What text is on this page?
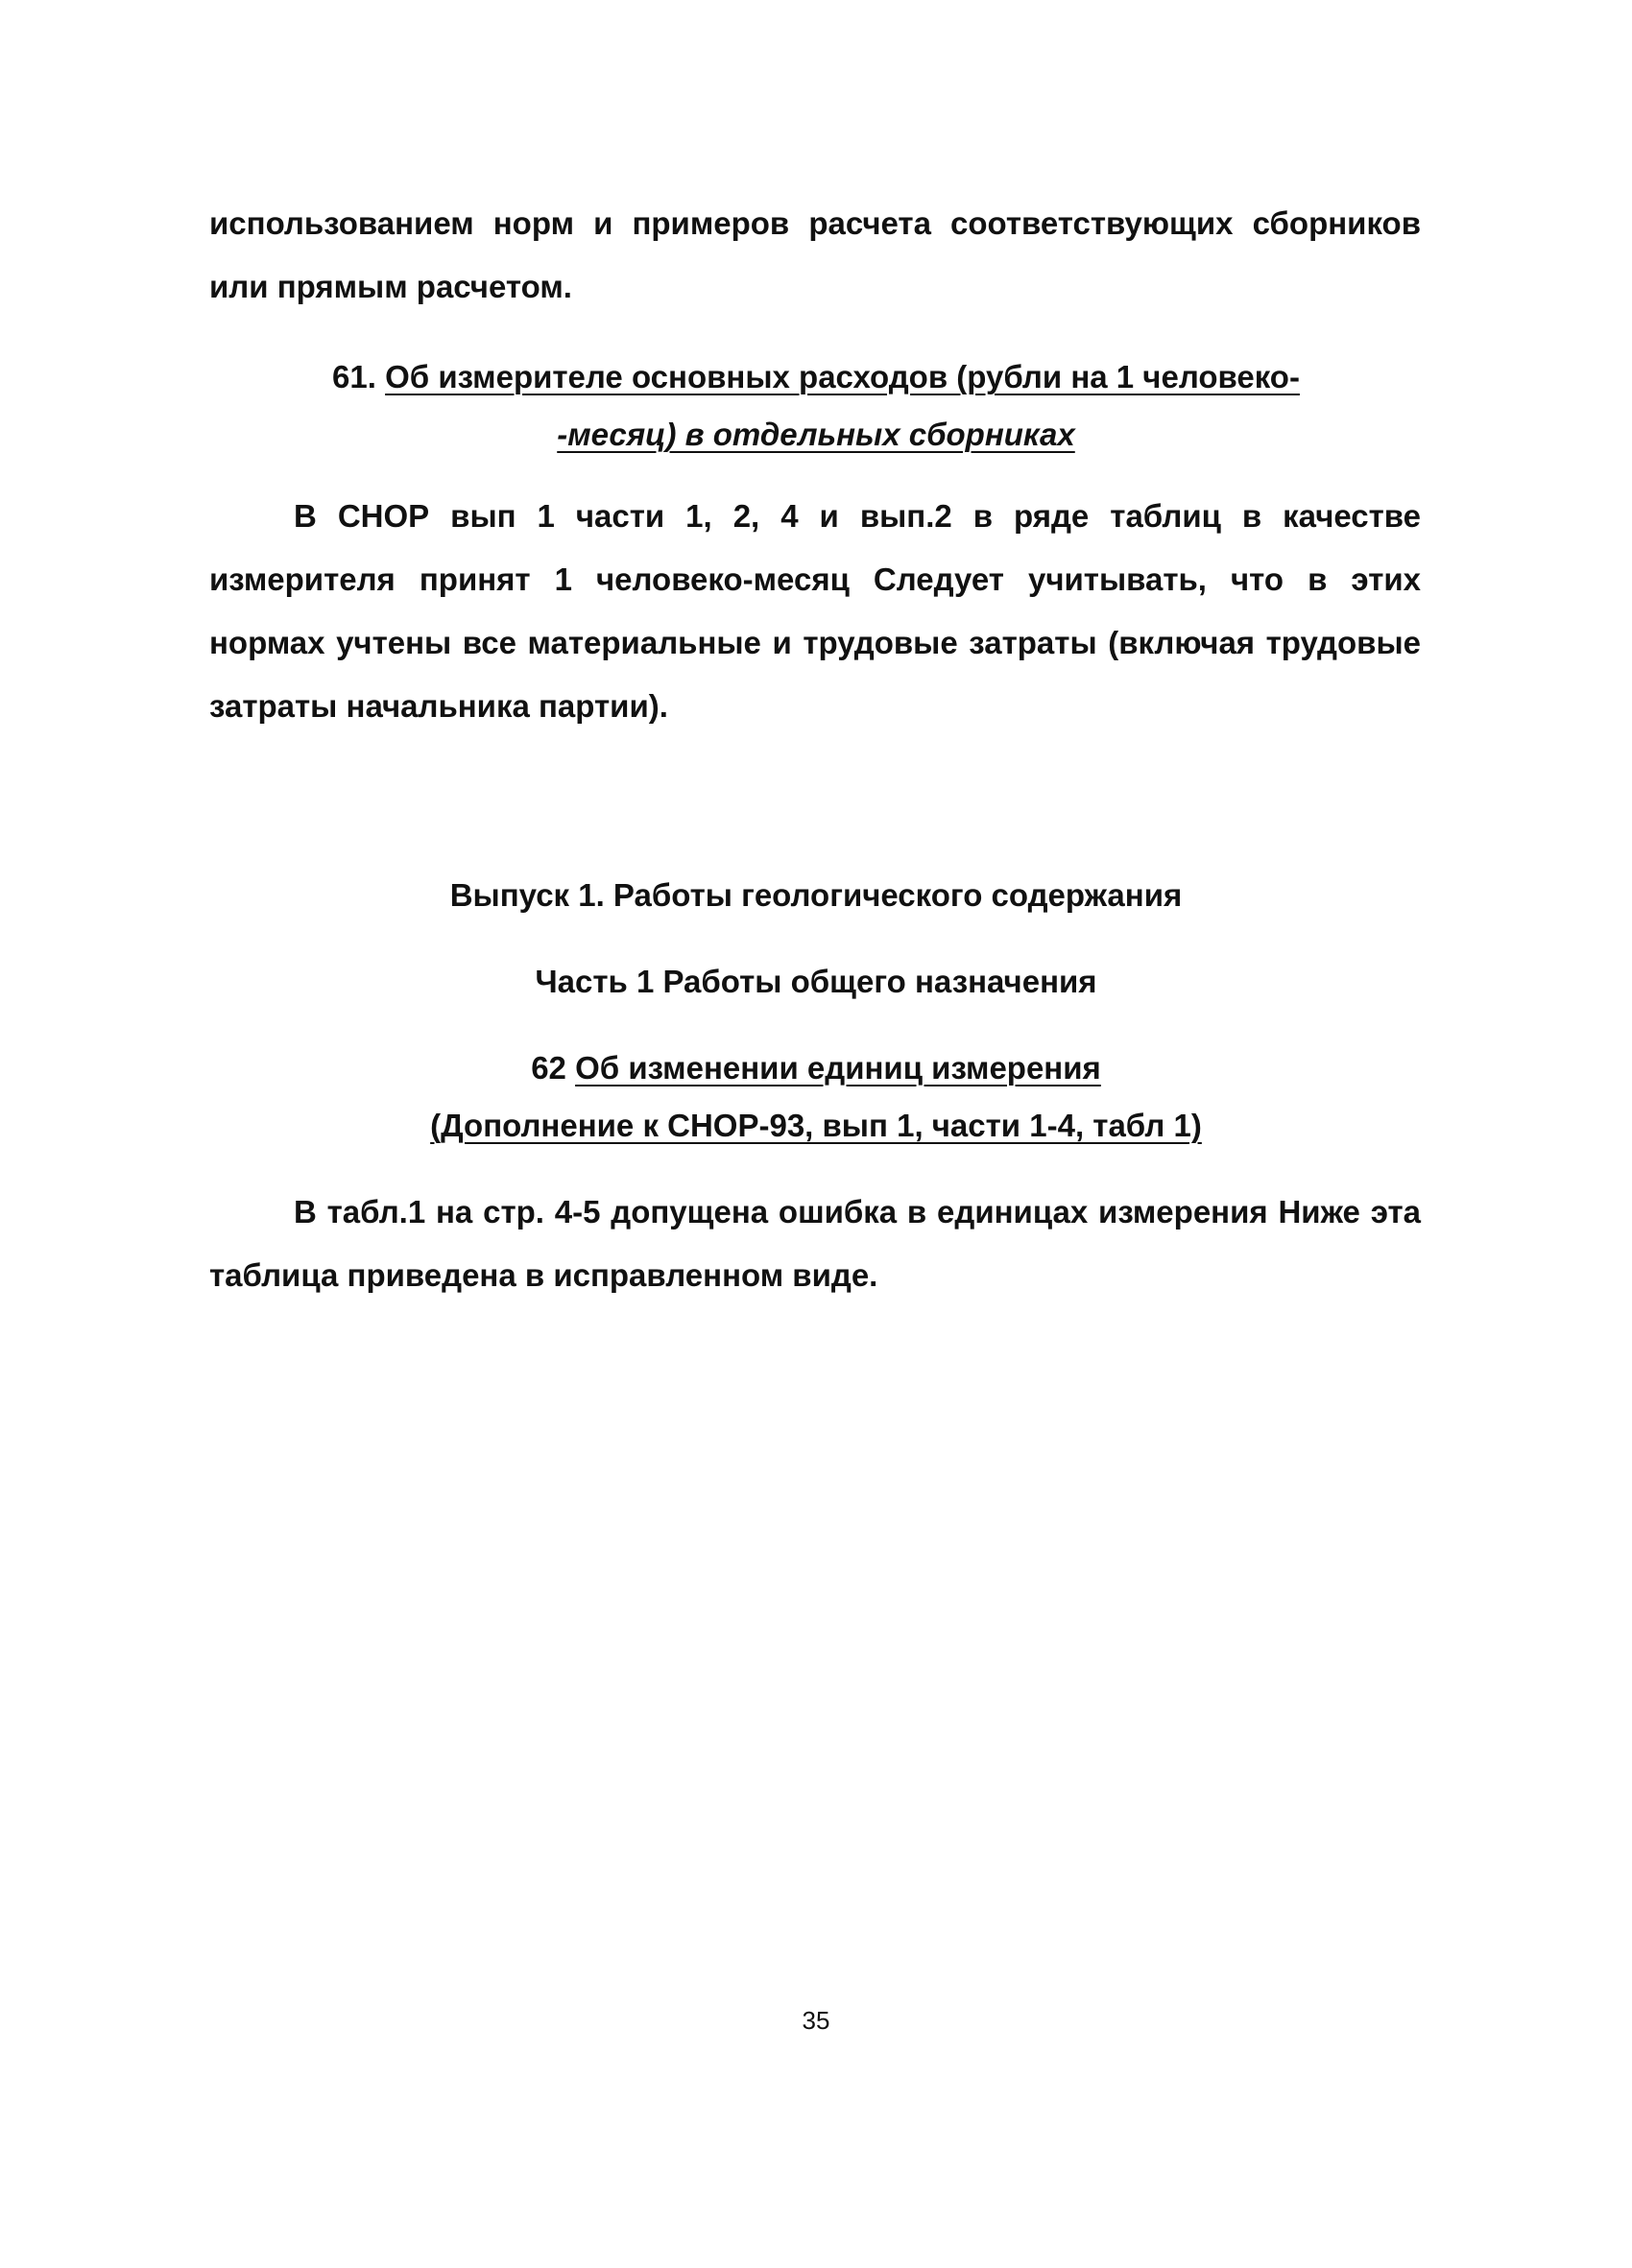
использованием норм и примеров расчета соответствующих сборников или прямым расчетом.

61. Об измерителе основных расходов (рубли на 1 человеко-

-месяц) в отдельных сборниках

В СНОР вып 1 части 1, 2, 4 и вып.2 в ряде таблиц в качестве измерителя принят 1 человеко-месяц Следует учитывать, что в этих нормах учтены все материальные и трудовые затраты (включая трудовые затраты начальника партии).

Выпуск 1. Работы геологического содержания

Часть 1 Работы общего назначения

62 Об изменении единиц измерения

(Дополнение к СНОР-93, вып 1, части 1-4, табл 1)

В табл.1 на стр. 4-5 допущена ошибка в единицах измерения Ниже эта таблица приведена в исправленном виде.

35
